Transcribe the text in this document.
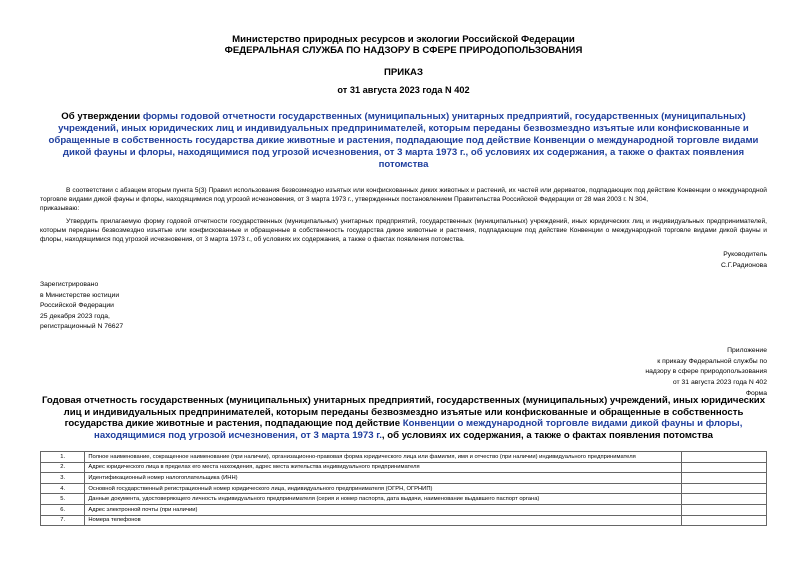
Министерство природных ресурсов и экологии Российской Федерации
ФЕДЕРАЛЬНАЯ СЛУЖБА ПО НАДЗОРУ В СФЕРЕ ПРИРОДОПОЛЬЗОВАНИЯ
ПРИКАЗ
от 31 августа 2023 года N 402
Об утверждении формы годовой отчетности государственных (муниципальных) унитарных предприятий, государственных (муниципальных) учреждений, иных юридических лиц и индивидуальных предпринимателей, которым переданы безвозмездно изъятые или конфискованные и обращенные в собственность государства дикие животные и растения, подпадающие под действие Конвенции о международной торговле видами дикой фауны и флоры, находящимися под угрозой исчезновения, от 3 марта 1973 г., об условиях их содержания, а также о фактах появления потомства
В соответствии с абзацем вторым пункта 5(3) Правил использования безвозмездно изъятых или конфискованных диких животных и растений, их частей или дериватов, подпадающих под действие Конвенции о международной торговле видами дикой фауны и флоры, находящимися под угрозой исчезновения, от 3 марта 1973 г., утвержденных постановлением Правительства Российской Федерации от 28 мая 2003 г. N 304,
приказываю:
Утвердить прилагаемую форму годовой отчетности государственных (муниципальных) унитарных предприятий, государственных (муниципальных) учреждений, иных юридических лиц и индивидуальных предпринимателей, которым переданы безвозмездно изъятые или конфискованные и обращенные в собственность государства дикие животные и растения, подпадающие под действие Конвенции о международной торговле видами дикой фауны и флоры, находящимися под угрозой исчезновения, от 3 марта 1973 г., об условиях их содержания, а также о фактах появления потомства.
Руководитель
С.Г.Радионова
Зарегистрировано
в Министерстве юстиции
Российской Федерации
25 декабря 2023 года,
регистрационный N 76627
Приложение
к приказу Федеральной службы по
надзору в сфере природопользования
от 31 августа 2023 года N 402
Форма
Годовая отчетность государственных (муниципальных) унитарных предприятий, государственных (муниципальных) учреждений, иных юридических лиц и индивидуальных предпринимателей, которым переданы безвозмездно изъятые или конфискованные и обращенные в собственность государства дикие животные и растения, подпадающие под действие Конвенции о международной торговле видами дикой фауны и флоры, находящимися под угрозой исчезновения, от 3 марта 1973 г., об условиях их содержания, а также о фактах появления потомства
1.	Полное наименование, сокращенное наименование (при наличии), организационно-правовая форма юридического лица или фамилия, имя и отчество (при наличии) индивидуального предпринимателя	
2.	Адрес юридического лица в пределах его места нахождения, адрес места жительства индивидуального предпринимателя	
3.	Идентификационный номер налогоплательщика (ИНН)	
4.	Основной государственный регистрационный номер юридического лица, индивидуального предпринимателя (ОГРН, ОГРНИП)	
5.	Данные документа, удостоверяющего личность индивидуального предпринимателя (серия и номер паспорта, дата выдачи, наименование выдавшего паспорт органа)	
6.	Адрес электронной почты (при наличии)	
7.	Номера телефонов	
